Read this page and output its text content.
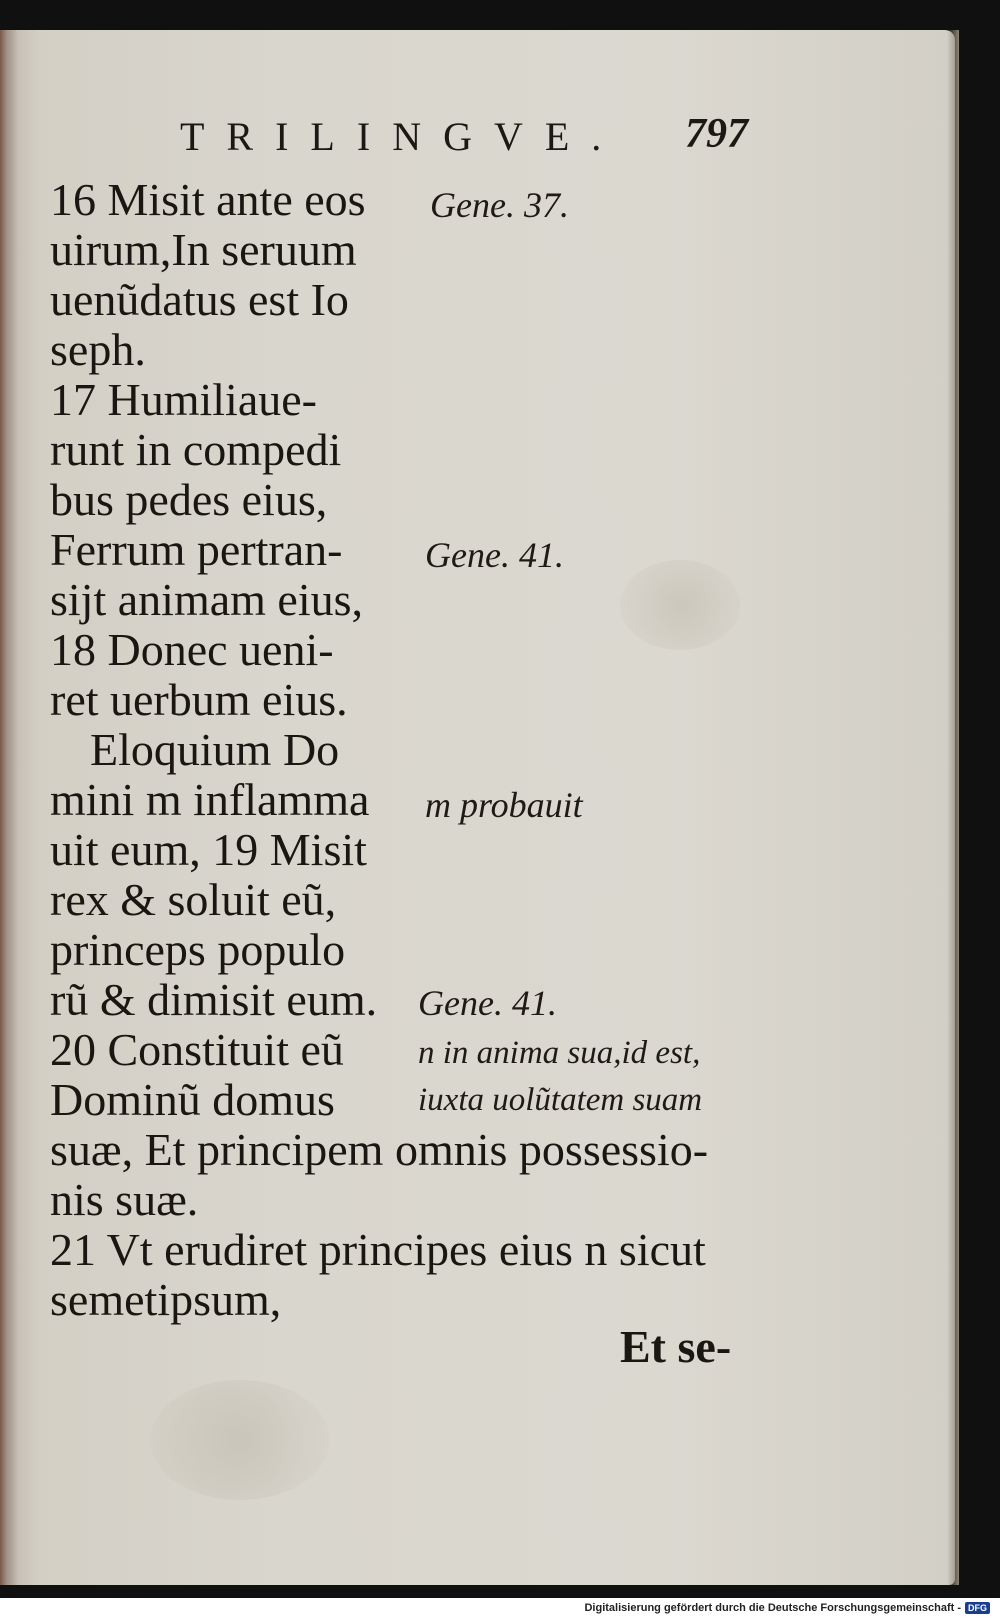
TRILINGVE. 797
16 Misit ante eos
uirum,In seruum
uenũdatus est Io
seph.
17 Humiliaue-
runt in compedi
bus pedes eius,
Ferrum pertran-
sijt animam eius,
18 Donec ueni-
ret uerbum eius.
Eloquium Do
mini m inflamma
uit eum, 19 Misit
rex & soluit eũ,
princeps populo
rũ & dimisit eum.
20 Constituit eũ
Dominũ domus
suæ, Et principem omnis possessio-
nis suæ.
21 Vt erudiret principes eius n sicut
semetipsum,
Gene. 37.
Gene. 41.
m probauit
Gene. 41.
n in anima sua,id est,
iuxta uolũtatem suam
Et se-
Digitalisierung gefördert durch die Deutsche Forschungsgemeinschaft - DFG
